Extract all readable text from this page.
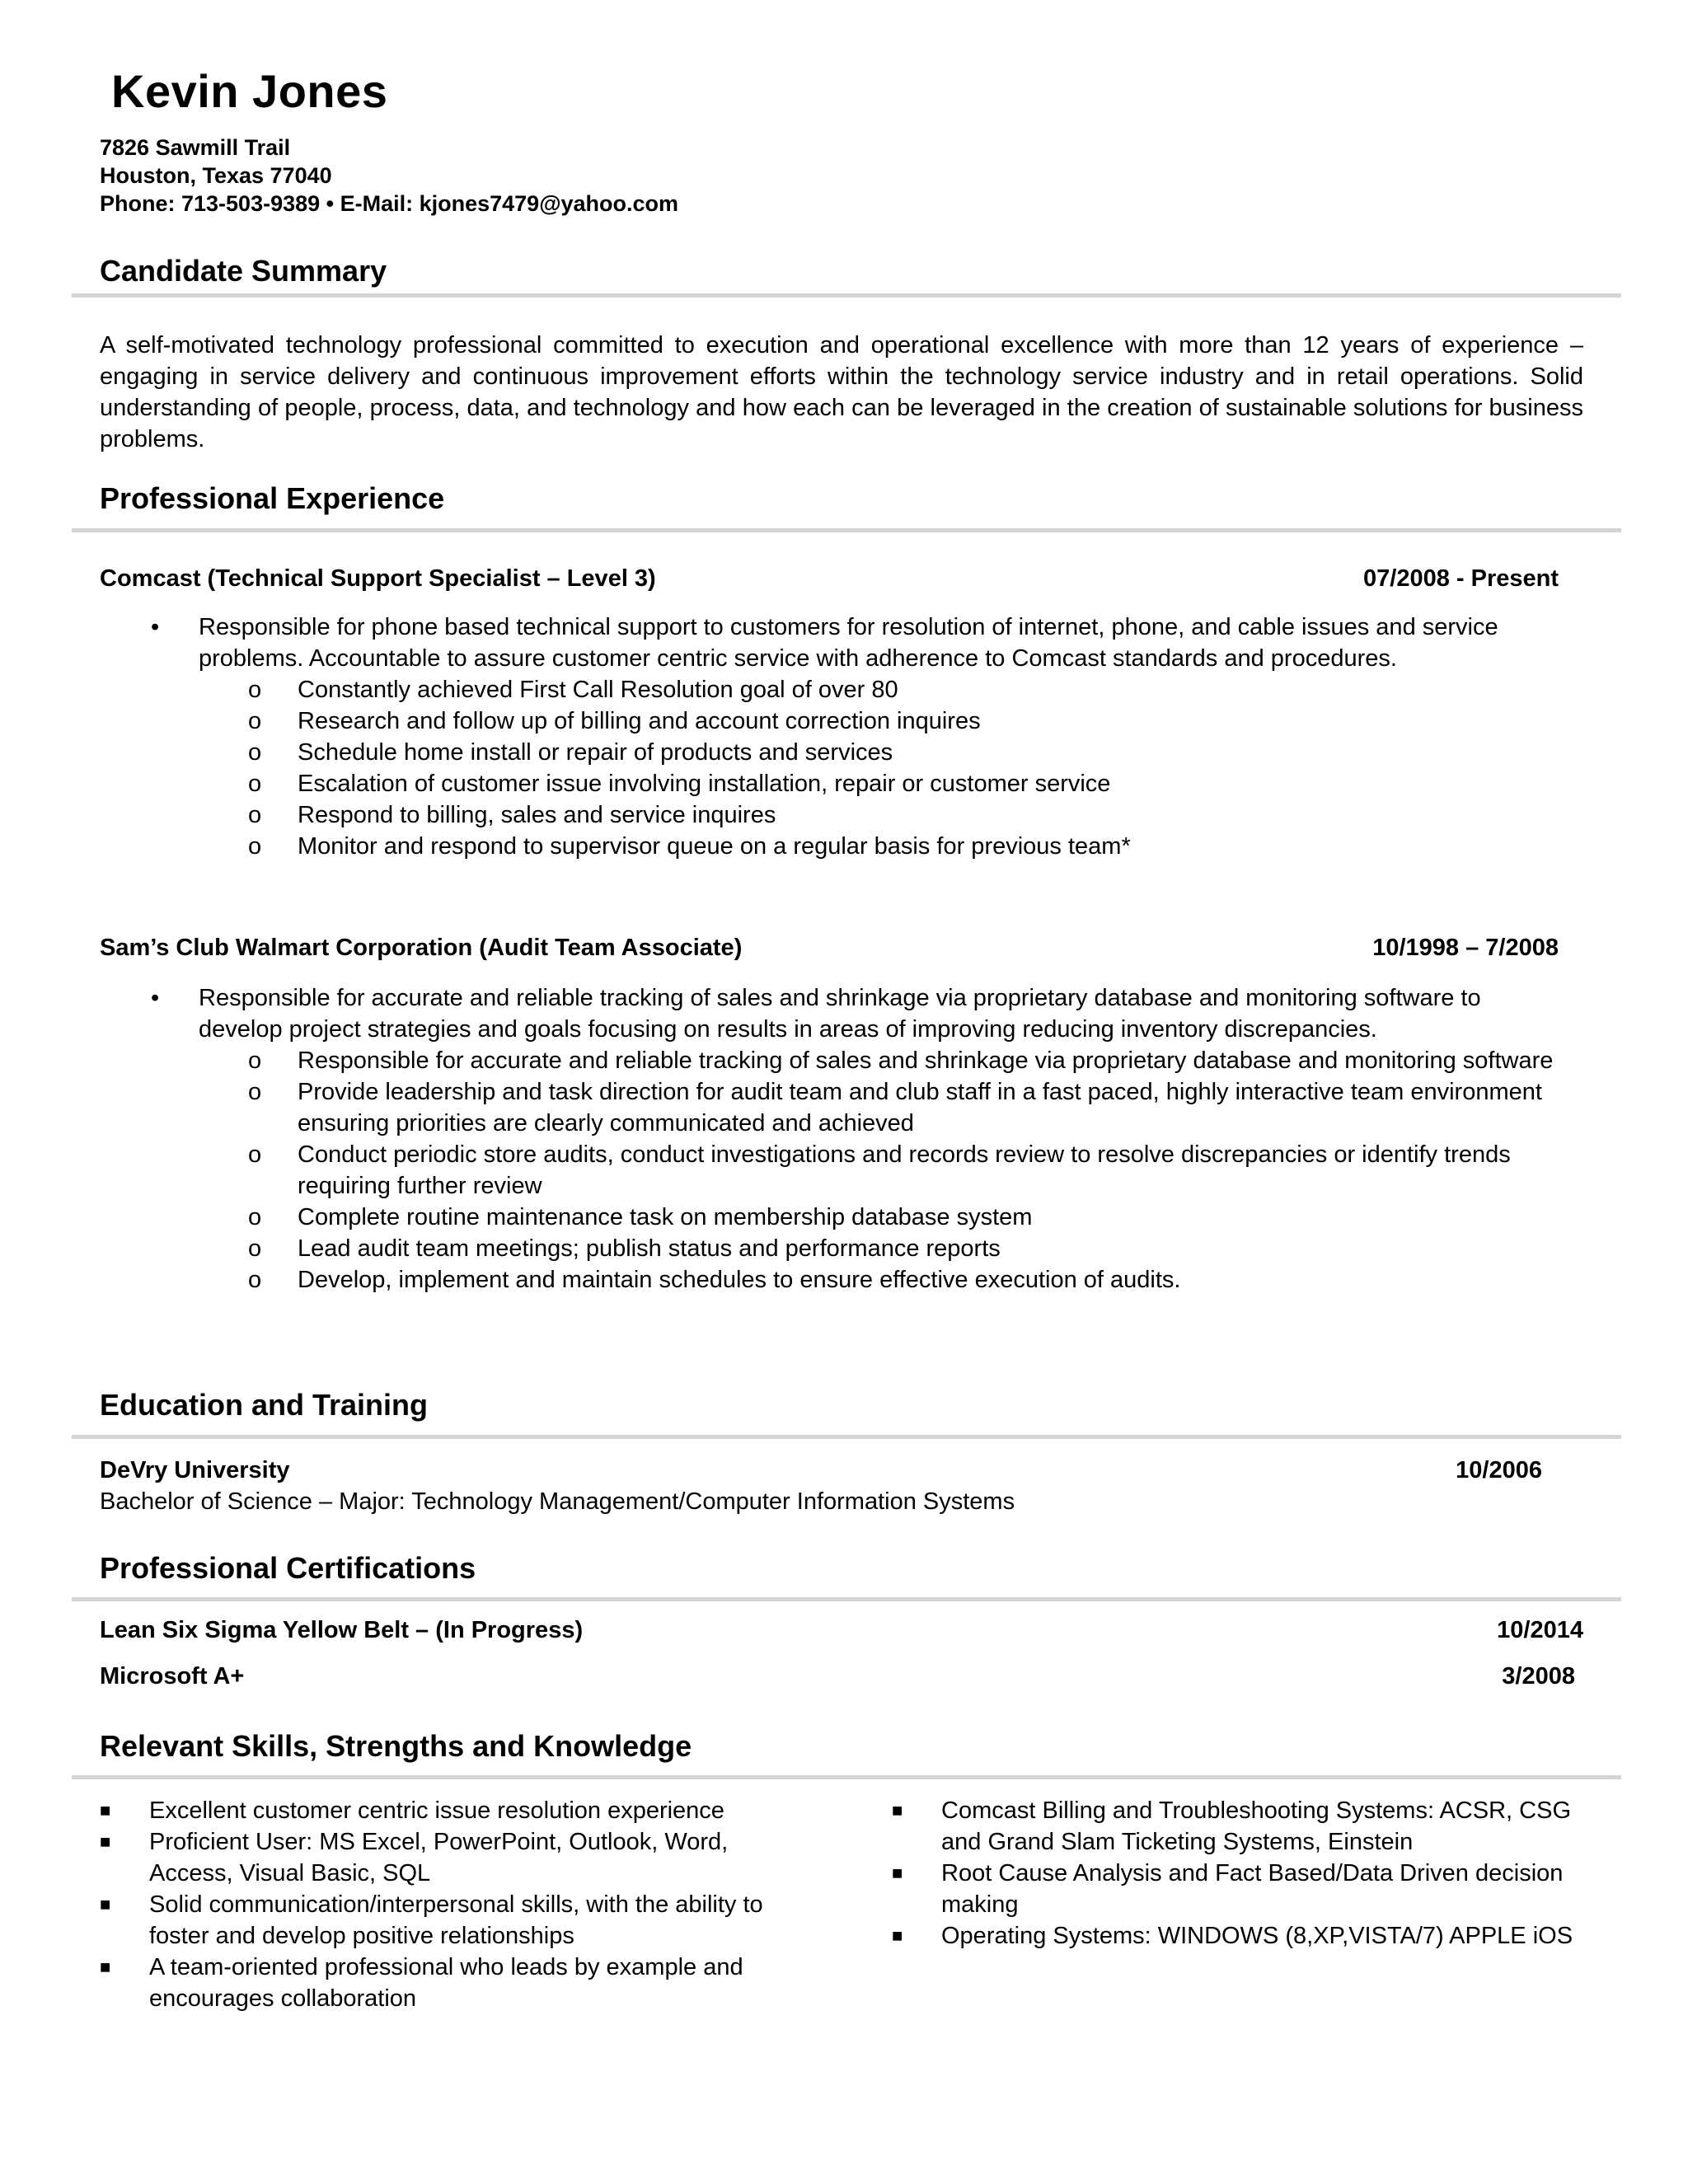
Kevin Jones
7826 Sawmill Trail
Houston, Texas 77040
Phone: 713-503-9389 • E-Mail: kjones7479@yahoo.com
Candidate Summary
A self-motivated technology professional committed to execution and operational excellence with more than 12 years of experience – engaging in service delivery and continuous improvement efforts within the technology service industry and in retail operations. Solid understanding of people, process, data, and technology and how each can be leveraged in the creation of sustainable solutions for business problems.
Professional Experience
Comcast (Technical Support Specialist – Level 3)	07/2008 - Present
• Responsible for phone based technical support to customers for resolution of internet, phone, and cable issues and service problems. Accountable to assure customer centric service with adherence to Comcast standards and procedures.
o Constantly achieved First Call Resolution goal of over 80
o Research and follow up of billing and account correction inquires
o Schedule home install or repair of products and services
o Escalation of customer issue involving installation, repair or customer service
o Respond to billing, sales and service inquires
o Monitor and respond to supervisor queue on a regular basis for previous team*
Sam’s Club Walmart Corporation (Audit Team Associate)	10/1998 – 7/2008
• Responsible for accurate and reliable tracking of sales and shrinkage via proprietary database and monitoring software to develop project strategies and goals focusing on results in areas of improving reducing inventory discrepancies.
o Responsible for accurate and reliable tracking of sales and shrinkage via proprietary database and monitoring software
o Provide leadership and task direction for audit team and club staff in a fast paced, highly interactive team environment ensuring priorities are clearly communicated and achieved
o Conduct periodic store audits, conduct investigations and records review to resolve discrepancies or identify trends requiring further review
o Complete routine maintenance task on membership database system
o Lead audit team meetings; publish status and performance reports
o Develop, implement and maintain schedules to ensure effective execution of audits.
Education and Training
DeVry University	10/2006
Bachelor of Science – Major: Technology Management/Computer Information Systems
Professional Certifications
Lean Six Sigma Yellow Belt – (In Progress)	10/2014
Microsoft A+	3/2008
Relevant Skills, Strengths and Knowledge
■ Excellent customer centric issue resolution experience
■ Proficient User: MS Excel, PowerPoint, Outlook, Word, Access, Visual Basic, SQL
■ Solid communication/interpersonal skills, with the ability to foster and develop positive relationships
■ A team-oriented professional who leads by example and encourages collaboration
■ Comcast Billing and Troubleshooting Systems: ACSR, CSG and Grand Slam Ticketing Systems, Einstein
■ Root Cause Analysis and Fact Based/Data Driven decision making
■ Operating Systems: WINDOWS (8,XP,VISTA/7) APPLE iOS
